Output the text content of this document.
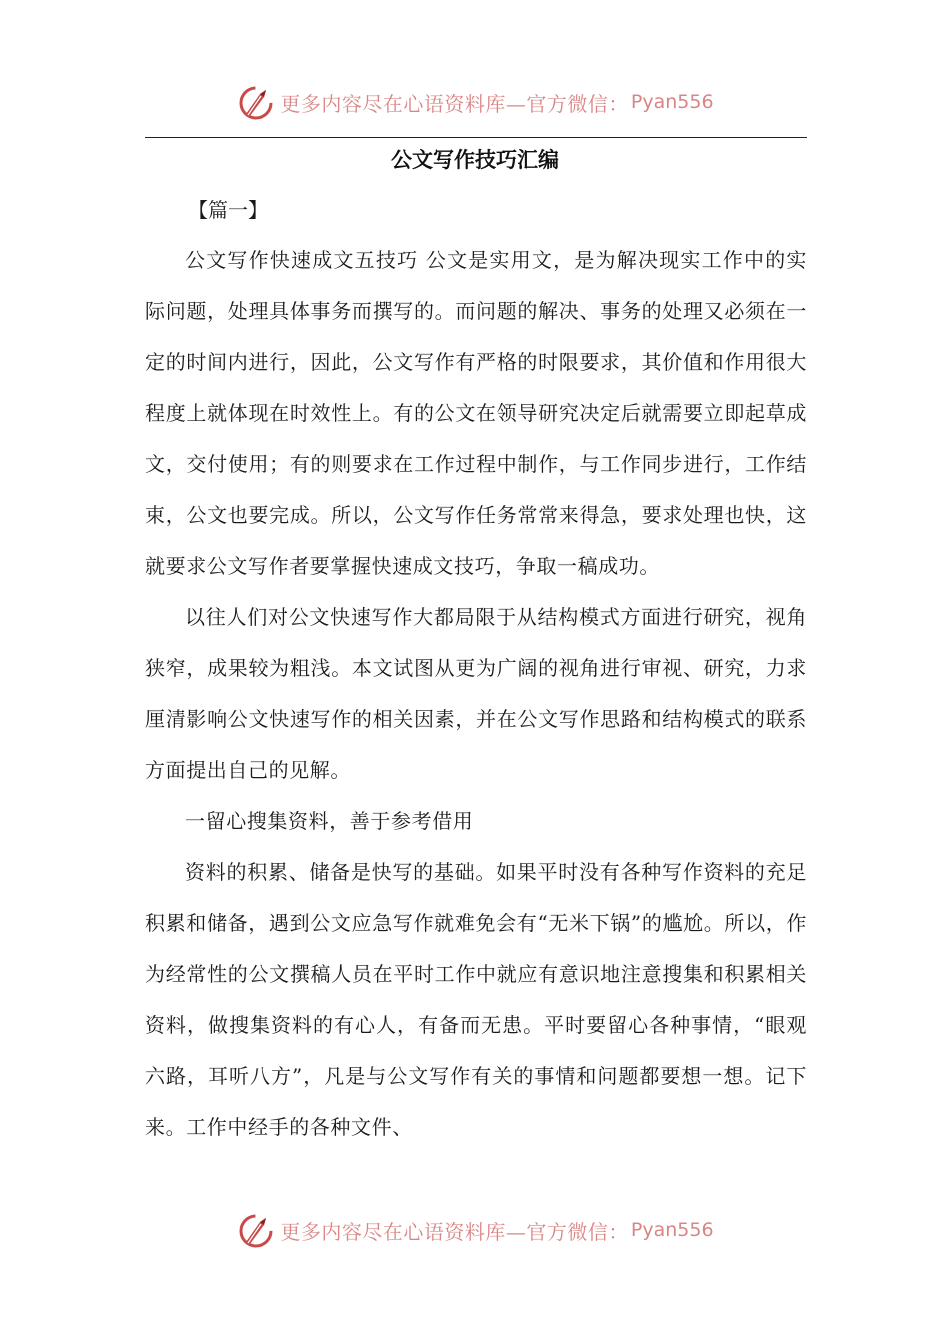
更多内容尽在心语资料库—官方微信： Pyan556
公文写作技巧汇编

【篇一】

公文写作快速成文五技巧 公文是实用文，是为解决现实工作中的实际问题，处理具体事务而撰写的。而问题的解决、事务的处理又必须在一定的时间内进行，因此，公文写作有严格的时限要求，其价值和作用很大程度上就体现在时效性上。有的公文在领导研究决定后就需要立即起草成文，交付使用；有的则要求在工作过程中制作，与工作同步进行，工作结束，公文也要完成。所以，公文写作任务常常来得急，要求处理也快，这就要求公文写作者要掌握快速成文技巧，争取一稿成功。

以往人们对公文快速写作大都局限于从结构模式方面进行研究，视角狭窄，成果较为粗浅。本文试图从更为广阔的视角进行审视、研究，力求厘清影响公文快速写作的相关因素，并在公文写作思路和结构模式的联系方面提出自己的见解。

一留心搜集资料，善于参考借用

资料的积累、储备是快写的基础。如果平时没有各种写作资料的充足积累和储备，遇到公文应急写作就难免会有“无米下锅”的尴尬。所以，作为经常性的公文撰稿人员在平时工作中就应有意识地注意搜集和积累相关资料，做搜集资料的有心人，有备而无患。平时要留心各种事情，“眼观六路，耳听八方”，凡是与公文写作有关的事情和问题都要想一想。记下来。工作中经手的各种文件、

更多内容尽在心语资料库—官方微信： Pyan556
